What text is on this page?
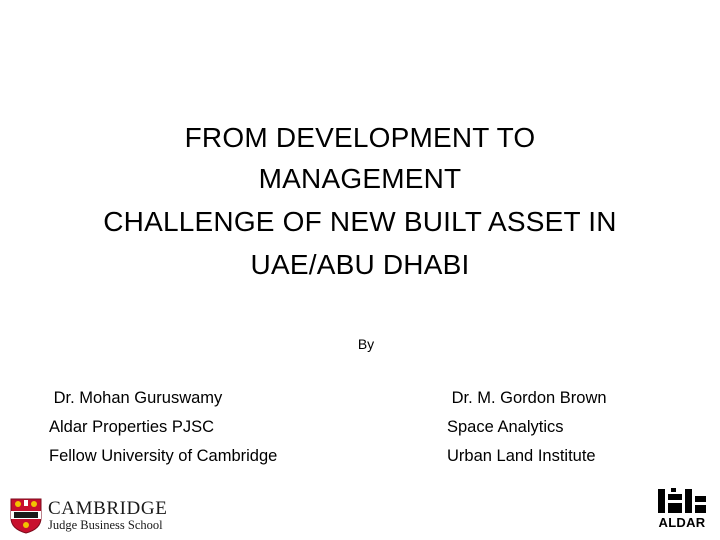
FROM DEVELOPMENT TO
MANAGEMENT
CHALLENGE OF NEW BUILT ASSET IN
UAE/ABU DHABI
By
Dr. Mohan Guruswamy
Aldar Properties PJSC
Fellow University of Cambridge
Dr. M. Gordon Brown
Space Analytics
Urban Land Institute
CAMBRIDGE
Judge Business School	ALDAR
